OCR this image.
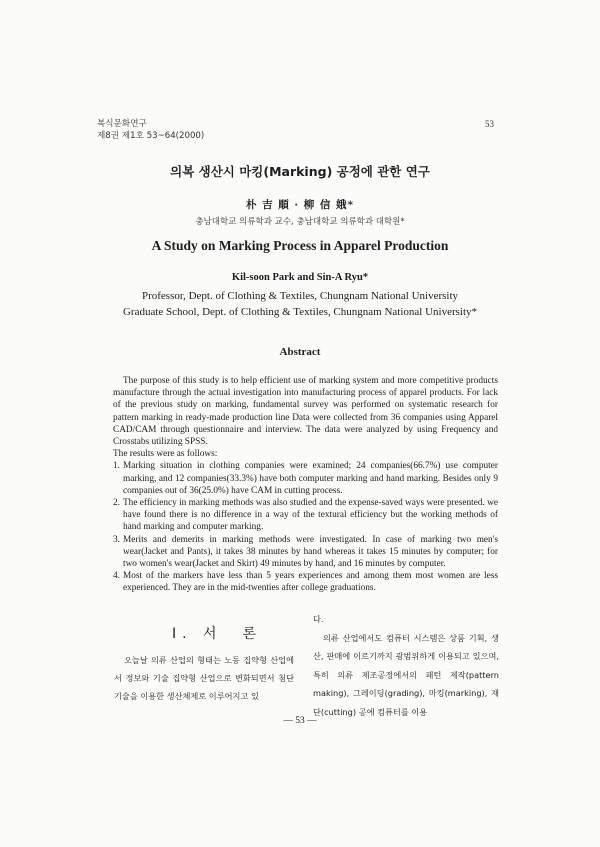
복식문화연구
제8권 제1호 53~64(2000)
53
의복 생산시 마킹(Marking) 공정에 관한 연구
朴 吉 順 · 柳 信 娥*
충남대학교 의류학과 교수, 충남대학교 의류학과 대학원*
A Study on Marking Process in Apparel Production
Kil-soon Park and Sin-A Ryu*
Professor, Dept. of Clothing & Textiles, Chungnam National University
Graduate School, Dept. of Clothing & Textiles, Chungnam National University*
Abstract

The purpose of this study is to help efficient use of marking system and more competitive products manufacture through the actual investigation into manufacturing process of apparel products. For lack of the previous study on marking, fundamental survey was performed on systematic research for pattern marking in ready-made production line Data were collected from 36 companies using Apparel CAD/CAM through questionnaire and interview. The data were analyzed by using Frequency and Crosstabs utilizing SPSS.

The results were as follows:
1. Marking situation in clothing companies were examined; 24 companies(66.7%) use computer marking, and 12 companies(33.3%) have both computer marking and hand marking. Besides only 9 companies out of 36(25.0%) have CAM in cutting process.
2. The efficiency in marking methods was also studied and the expense-saved ways were presented. we have found there is no difference in a way of the textural efficiency but the working methods of hand marking and computer marking.
3. Merits and demerits in marking methods were investigated. In case of marking two men's wear(Jacket and Pants), it takes 38 minutes by hand whereas it takes 15 minutes by computer; for two women's wear(Jacket and Skirt) 49 minutes by hand, and 16 minutes by computer.
4. Most of the markers have less than 5 years experiences and among them most women are less experienced. They are in the mid-twenties after college graduations.
Ⅰ. 서　론

오늘날 의류 산업의 형태는 노동 집약형 산업에서 정보와 기술 집약형 산업으로 변화되면서 첨단 기술을 이용한 생산체제로 이루어지고 있

다.

의류 산업에서도 컴퓨터 시스템은 상품 기획, 생산, 판매에 이르기까지 광범위하게 이용되고 있으며, 특히 의류 제조공정에서의 패턴 제작(pattern making), 그레이딩(grading), 마킹(marking), 재단(cutting) 공에 컴퓨터를 이용

— 53 —
